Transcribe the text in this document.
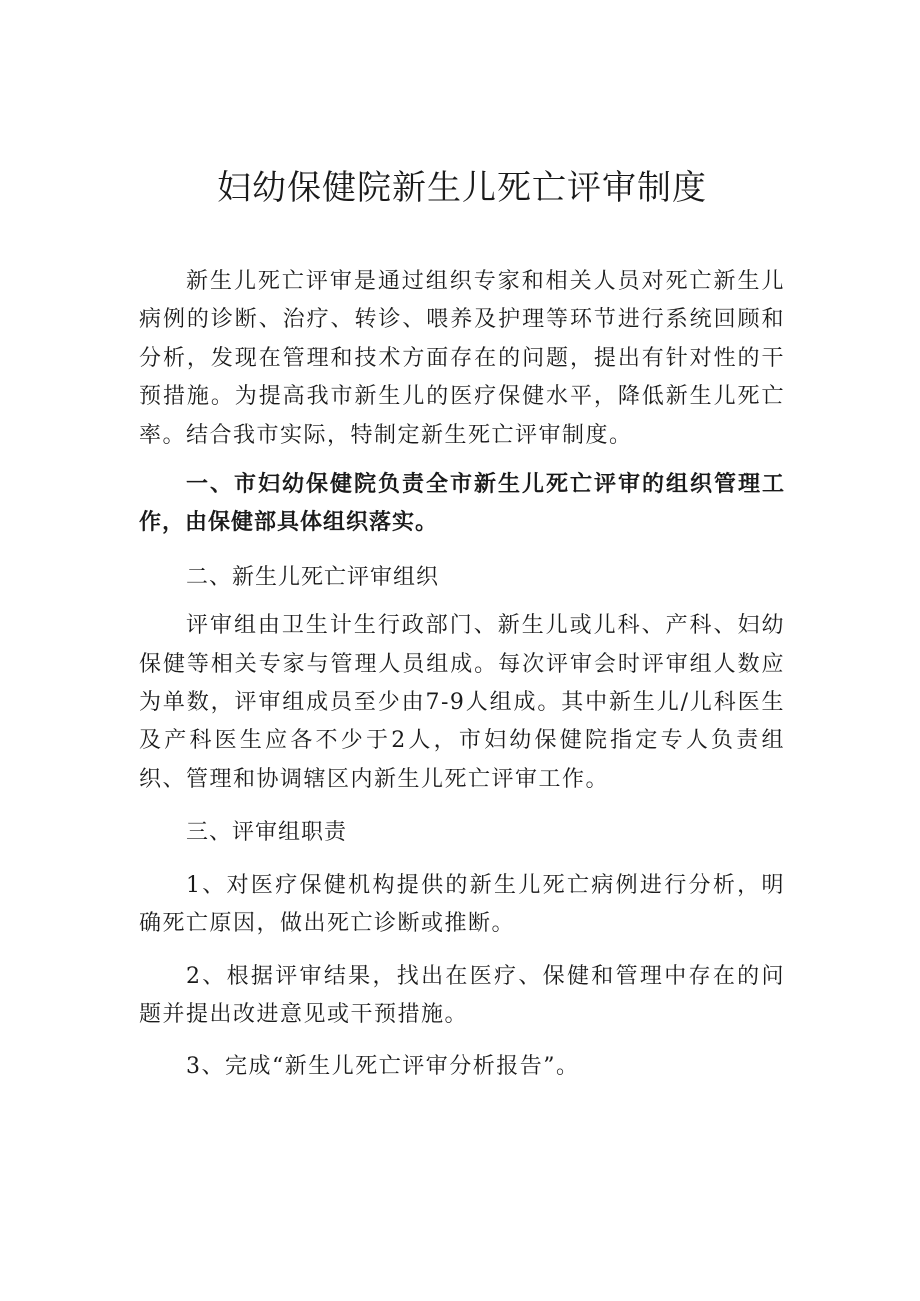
妇幼保健院新生儿死亡评审制度

新生儿死亡评审是通过组织专家和相关人员对死亡新生儿病例的诊断、治疗、转诊、喂养及护理等环节进行系统回顾和分析，发现在管理和技术方面存在的问题，提出有针对性的干预措施。为提高我市新生儿的医疗保健水平，降低新生儿死亡率。结合我市实际，特制定新生死亡评审制度。

一、市妇幼保健院负责全市新生儿死亡评审的组织管理工作，由保健部具体组织落实。

二、新生儿死亡评审组织

评审组由卫生计生行政部门、新生儿或儿科、产科、妇幼保健等相关专家与管理人员组成。每次评审会时评审组人数应为单数，评审组成员至少由7-9人组成。其中新生儿/儿科医生及产科医生应各不少于2人，市妇幼保健院指定专人负责组织、管理和协调辖区内新生儿死亡评审工作。

三、评审组职责

1、对医疗保健机构提供的新生儿死亡病例进行分析，明确死亡原因，做出死亡诊断或推断。

2、根据评审结果，找出在医疗、保健和管理中存在的问题并提出改进意见或干预措施。

3、完成“新生儿死亡评审分析报告”。
